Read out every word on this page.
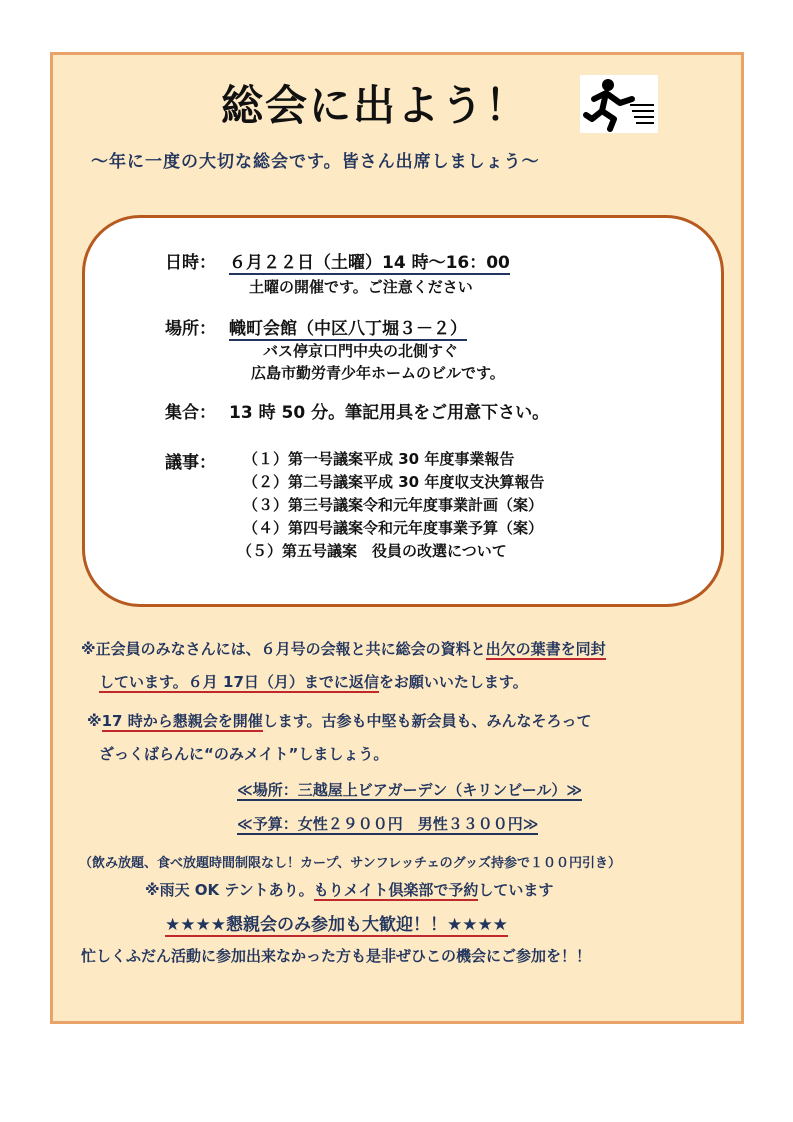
総会に出よう！
～年に一度の大切な総会です。皆さん出席しましょう～
日時： ６月２２日（土曜）14 時～16：00
土曜の開催です。ご注意ください
場所： 幟町会館（中区八丁堀３－２）
バス停京口門中央の北側すぐ
広島市勤労青少年ホームのビルです。
集合： 13 時 50 分。筆記用具をご用意下さい。
議事： （１）第一号議案平成 30 年度事業報告
（２）第二号議案平成 30 年度収支決算報告
（３）第三号議案令和元年度事業計画（案）
（４）第四号議案令和元年度事業予算（案）
（５）第五号議案　役員の改選について
※正会員のみなさんには、６月号の会報と共に総会の資料と出欠の葉書を同封
しています。６月 17日（月）までに返信をお願いいたします。
※17 時から懇親会を開催します。古参も中堅も新会員も、みんなそろって
ざっくばらんに“のみメイト”しましょう。
≪場所：三越屋上ビアガーデン（キリンビール）≫
≪予算：女性２９００円　男性３３００円≫
（飲み放題、食べ放題時間制限なし！カープ、サンフレッチェのグッズ持参で１００円引き）
※雨天 OK テントあり。もりメイト倶楽部で予約しています
★★★★懇親会のみ参加も大歓迎！！★★★★
忙しくふだん活動に参加出来なかった方も是非ぜひこの機会にご参加を！！
